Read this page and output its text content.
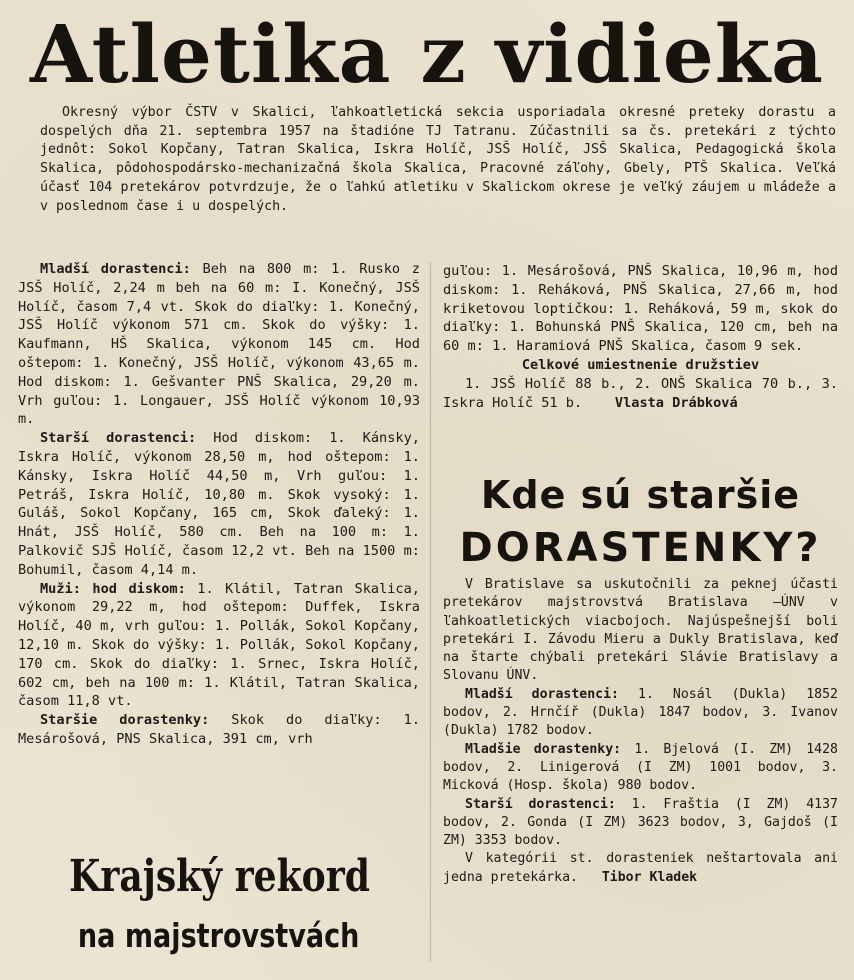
Atletika z vidieka

Okresný výbor ČSTV v Skalici, ľahkoatletická sekcia usporiadala okresné preteky dorastu a dospelých dňa 21. septembra 1957 na štadióne TJ Tatranu. Zúčastnili sa čs. pretekári z týchto jednôt: Sokol Kopčany, Tatran Skalica, Iskra Holíč, JSŠ Holíč, JSŠ Skalica, Pedagogická škola Skalica, pôdohospodársko-mechanizačná škola Skalica, Pracovné záľohy, Gbely, PTŠ Skalica. Veľká účasť 104 pretekárov potvrdzuje, že o ľahkú atletiku v Skalickom okrese je veľký záujem u mládeže a v poslednom čase i u dospelých.

Mladší dorastenci: Beh na 800 m: 1. Rusko z JSŠ Holíč, 2,24 m beh na 60 m: I. Konečný, JSŠ Holíč, časom 7,4 vt. Skok do diaľky: 1. Konečný, JSŠ Holíč výkonom 571 cm. Skok do výšky: 1. Kaufmann, HŠ Skalica, výkonom 145 cm. Hod oštepom: 1. Konečný, JSŠ Holíč, výkonom 43,65 m. Hod diskom: 1. Gešvanter PNŠ Skalica, 29,20 m. Vrh guľou: 1. Longauer, JSŠ Holíč výkonom 10,93 m.

Starší dorastenci: Hod diskom: 1. Kánsky, Iskra Holíč, výkonom 28,50 m, hod oštepom: 1. Kánsky, Iskra Holíč 44,50 m, Vrh guľou: 1. Petráš, Iskra Holíč, 10,80 m. Skok vysoký: 1. Guláš, Sokol Kopčany, 165 cm, Skok ďaleký: 1. Hnát, JSŠ Holíč, 580 cm. Beh na 100 m: 1. Palkovič SJŠ Holíč, časom 12,2 vt. Beh na 1500 m: Bohumil, časom 4,14 m.

Muži: hod diskom: 1. Klátil, Tatran Skalica, výkonom 29,22 m, hod oštepom: Duffek, Iskra Holíč, 40 m, vrh guľou: 1. Pollák, Sokol Kopčany, 12,10 m. Skok do výšky: 1. Pollák, Sokol Kopčany, 170 cm. Skok do diaľky: 1. Srnec, Iskra Holíč, 602 cm, beh na 100 m: 1. Klátil, Tatran Skalica, časom 11,8 vt.

Staršie dorastenky: Skok do diaľky: 1. Mesárošová, PNS Skalica, 391 cm, vrh

guľou: 1. Mesárošová, PNŠ Skalica, 10,96 m, hod diskom: 1. Reháková, PNŠ Skalica, 27,66 m, hod kriketovou loptičkou: 1. Reháková, 59 m, skok do diaľky: 1. Bohunská PNŠ Skalica, 120 cm, beh na 60 m: 1. Haramiová PNŠ Skalica, časom 9 sek.

Celkové umiestnenie družstiev

1. JSŠ Holíč 88 b., 2. ONŠ Skalica 70 b., 3. Iskra Holíč 51 b. Vlasta Drábková

Kde sú staršie
DORASTENKY?

V Bratislave sa uskutočnili za peknej účasti pretekárov majstrovstvá Bratislava —ÚNV v ľahkoatletických viacbojoch. Najúspešnejší boli pretekári I. Závodu Mieru a Dukly Bratislava, keď na štarte chýbali pretekári Slávie Bratislavy a Slovanu ÚNV.

Mladší dorastenci: 1. Nosál (Dukla) 1852 bodov, 2. Hrnčíř (Dukla) 1847 bodov, 3. Ivanov (Dukla) 1782 bodov.

Mladšie dorastenky: 1. Bjelová (I. ZM) 1428 bodov, 2. Linigerová (I ZM) 1001 bodov, 3. Micková (Hosp. škola) 980 bodov.

Starší dorastenci: 1. Fraštia (I ZM) 4137 bodov, 2. Gonda (I ZM) 3623 bodov, 3, Gajdoš (I ZM) 3353 bodov.

V kategórii st. dorasteniek neštartovala ani jedna pretekárka. Tibor Kladek

Krajský rekord
na majstrovstvách
